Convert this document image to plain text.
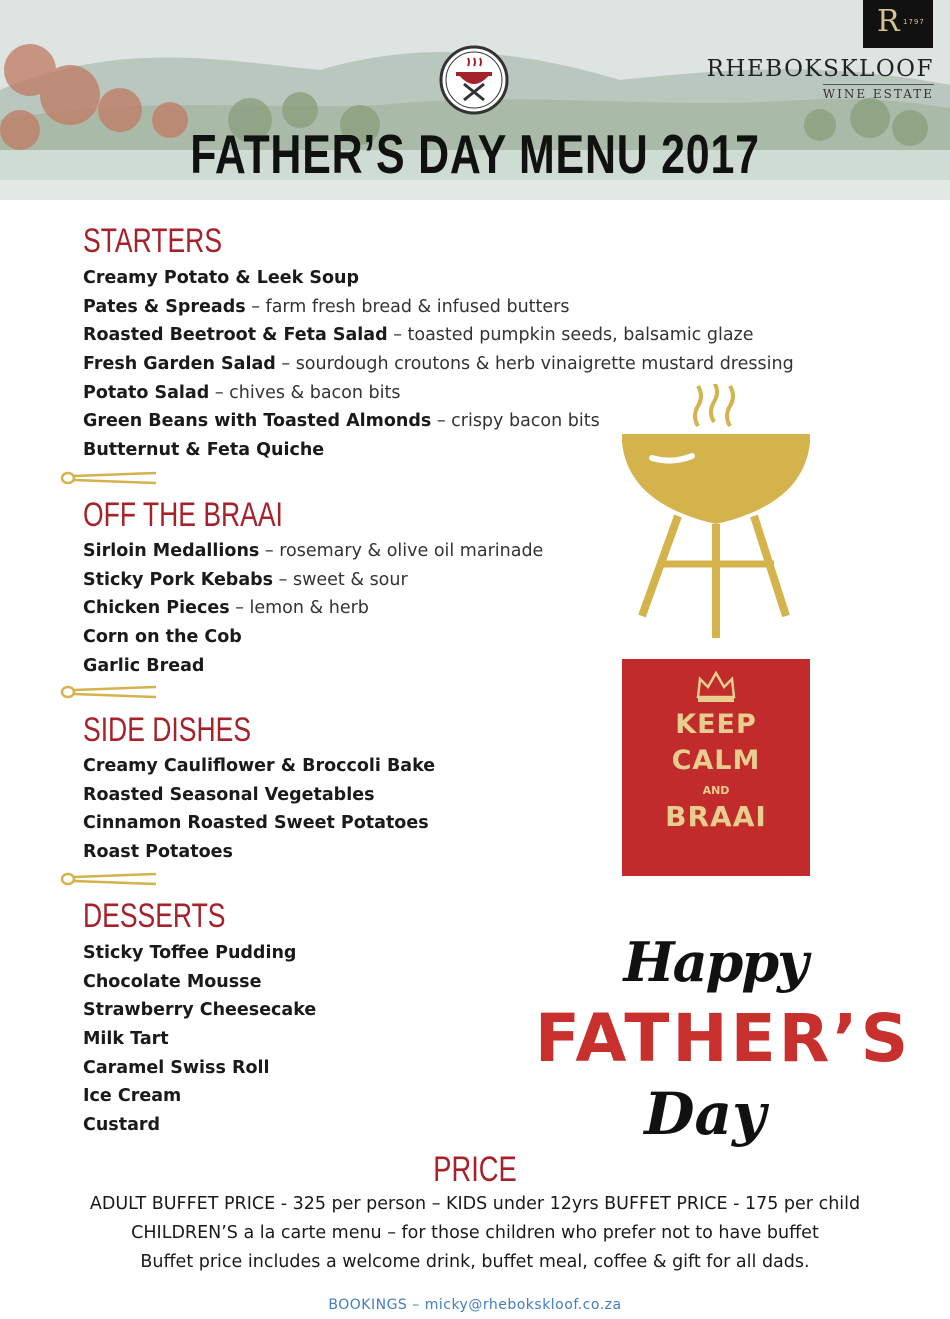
R 1797
RHEBOKSKLOOF
WINE ESTATE
FATHER’S DAY MENU 2017
STARTERS
Creamy Potato & Leek Soup
Pates & Spreads – farm fresh bread & infused butters
Roasted Beetroot & Feta Salad – toasted pumpkin seeds, balsamic glaze
Fresh Garden Salad – sourdough croutons & herb vinaigrette mustard dressing
Potato Salad – chives & bacon bits
Green Beans with Toasted Almonds – crispy bacon bits
Butternut & Feta Quiche
OFF THE BRAAI
Sirloin Medallions – rosemary & olive oil marinade
Sticky Pork Kebabs – sweet & sour
Chicken Pieces – lemon & herb
Corn on the Cob
Garlic Bread
SIDE DISHES
Creamy Cauliflower & Broccoli Bake
Roasted Seasonal Vegetables
Cinnamon Roasted Sweet Potatoes
Roast Potatoes
DESSERTS
Sticky Toffee Pudding
Chocolate Mousse
Strawberry Cheesecake
Milk Tart
Caramel Swiss Roll
Ice Cream
Custard
KEEP
CALM
AND
BRAAI
Happy
FATHER’S
Day
PRICE
ADULT BUFFET PRICE - 325 per person – KIDS under 12yrs BUFFET PRICE - 175 per child
CHILDREN’S a la carte menu – for those children who prefer not to have buffet
Buffet price includes a welcome drink, buffet meal, coffee & gift for all dads.
BOOKINGS – micky@rhebokskloof.co.za
